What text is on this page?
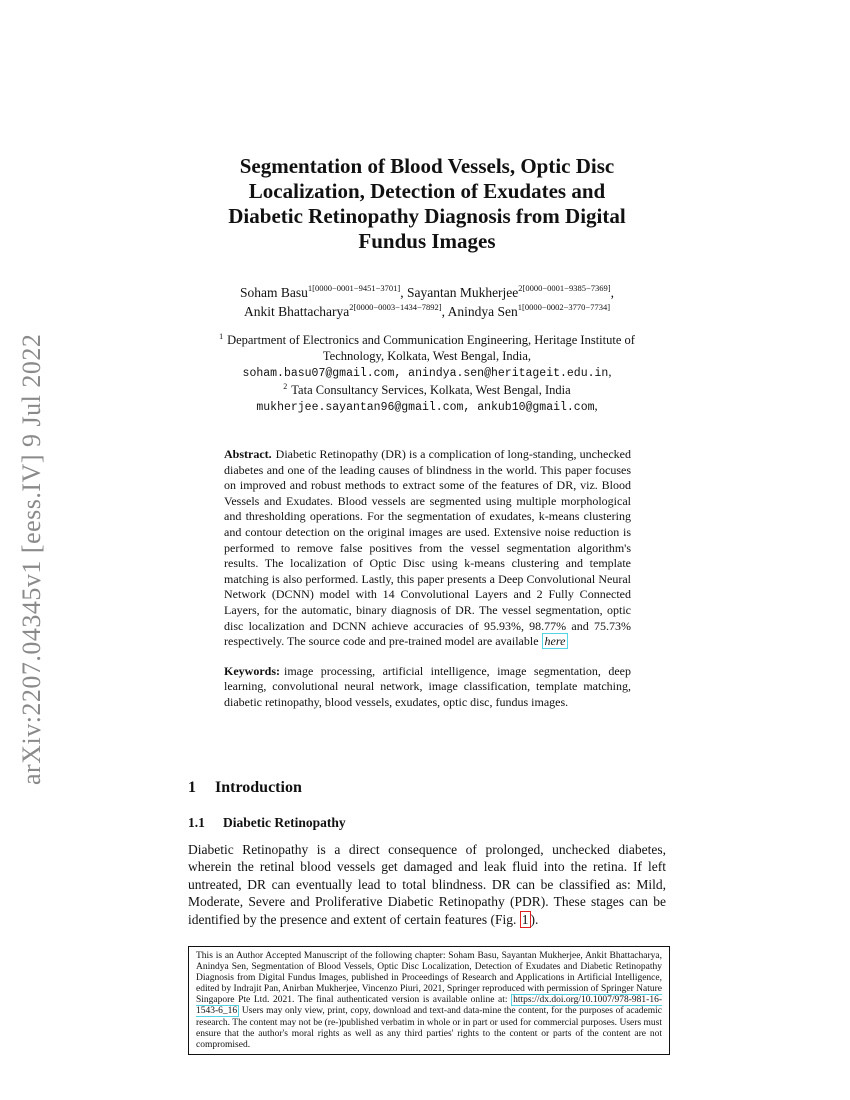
arXiv:2207.04345v1 [eess.IV] 9 Jul 2022
Segmentation of Blood Vessels, Optic Disc
Localization, Detection of Exudates and
Diabetic Retinopathy Diagnosis from Digital
Fundus Images
Soham Basu$^{1[0000-0001-9451-3701]}$, Sayantan Mukherjee$^{2[0000-0001-9385-7369]}$,
Ankit Bhattacharya$^{2[0000-0003-1434-7892]}$, Anindya Sen$^{1[0000-0002-3770-7734]}$
$^1$ Department of Electronics and Communication Engineering, Heritage Institute of Technology, Kolkata, West Bengal, India,
soham.basu07@gmail.com, anindya.sen@heritageit.edu.in,
$^2$ Tata Consultancy Services, Kolkata, West Bengal, India
mukherjee.sayantan96@gmail.com, ankub10@gmail.com,
Abstract. Diabetic Retinopathy (DR) is a complication of long-standing, unchecked diabetes and one of the leading causes of blindness in the world. This paper focuses on improved and robust methods to extract some of the features of DR, viz. Blood Vessels and Exudates. Blood vessels are segmented using multiple morphological and thresholding operations. For the segmentation of exudates, k-means clustering and contour detection on the original images are used. Extensive noise reduction is performed to remove false positives from the vessel segmentation algorithm's results. The localization of Optic Disc using k-means clustering and template matching is also performed. Lastly, this paper presents a Deep Convolutional Neural Network (DCNN) model with 14 Convolutional Layers and 2 Fully Connected Layers, for the automatic, binary diagnosis of DR. The vessel segmentation, optic disc localization and DCNN achieve accuracies of 95.93%, 98.77% and 75.73% respectively. The source code and pre-trained model are available here
Keywords: image processing, artificial intelligence, image segmentation, deep learning, convolutional neural network, image classification, template matching, diabetic retinopathy, blood vessels, exudates, optic disc, fundus images.
1 Introduction
1.1 Diabetic Retinopathy
Diabetic Retinopathy is a direct consequence of prolonged, unchecked diabetes, wherein the retinal blood vessels get damaged and leak fluid into the retina. If left untreated, DR can eventually lead to total blindness. DR can be classified as: Mild, Moderate, Severe and Proliferative Diabetic Retinopathy (PDR). These stages can be identified by the presence and extent of certain features (Fig. 1 ).
This is an Author Accepted Manuscript of the following chapter: Soham Basu, Sayantan Mukherjee, Ankit Bhattacharya, Anindya Sen, Segmentation of Blood Vessels, Optic Disc Localization, Detection of Exudates and Diabetic Retinopathy Diagnosis from Digital Fundus Images, published in Proceedings of Research and Applications in Artificial Intelligence, edited by Indrajit Pan, Anirban Mukherjee, Vincenzo Piuri, 2021, Springer reproduced with permission of Springer Nature Singapore Pte Ltd. 2021. The final authenticated version is available online at: https://dx.doi.org/10.1007/978-981-16-1543-6_16 Users may only view, print, copy, download and text-and data-mine the content, for the purposes of academic research. The content may not be (re-)published verbatim in whole or in part or used for commercial purposes. Users must ensure that the author's moral rights as well as any third parties' rights to the content or parts of the content are not compromised.
